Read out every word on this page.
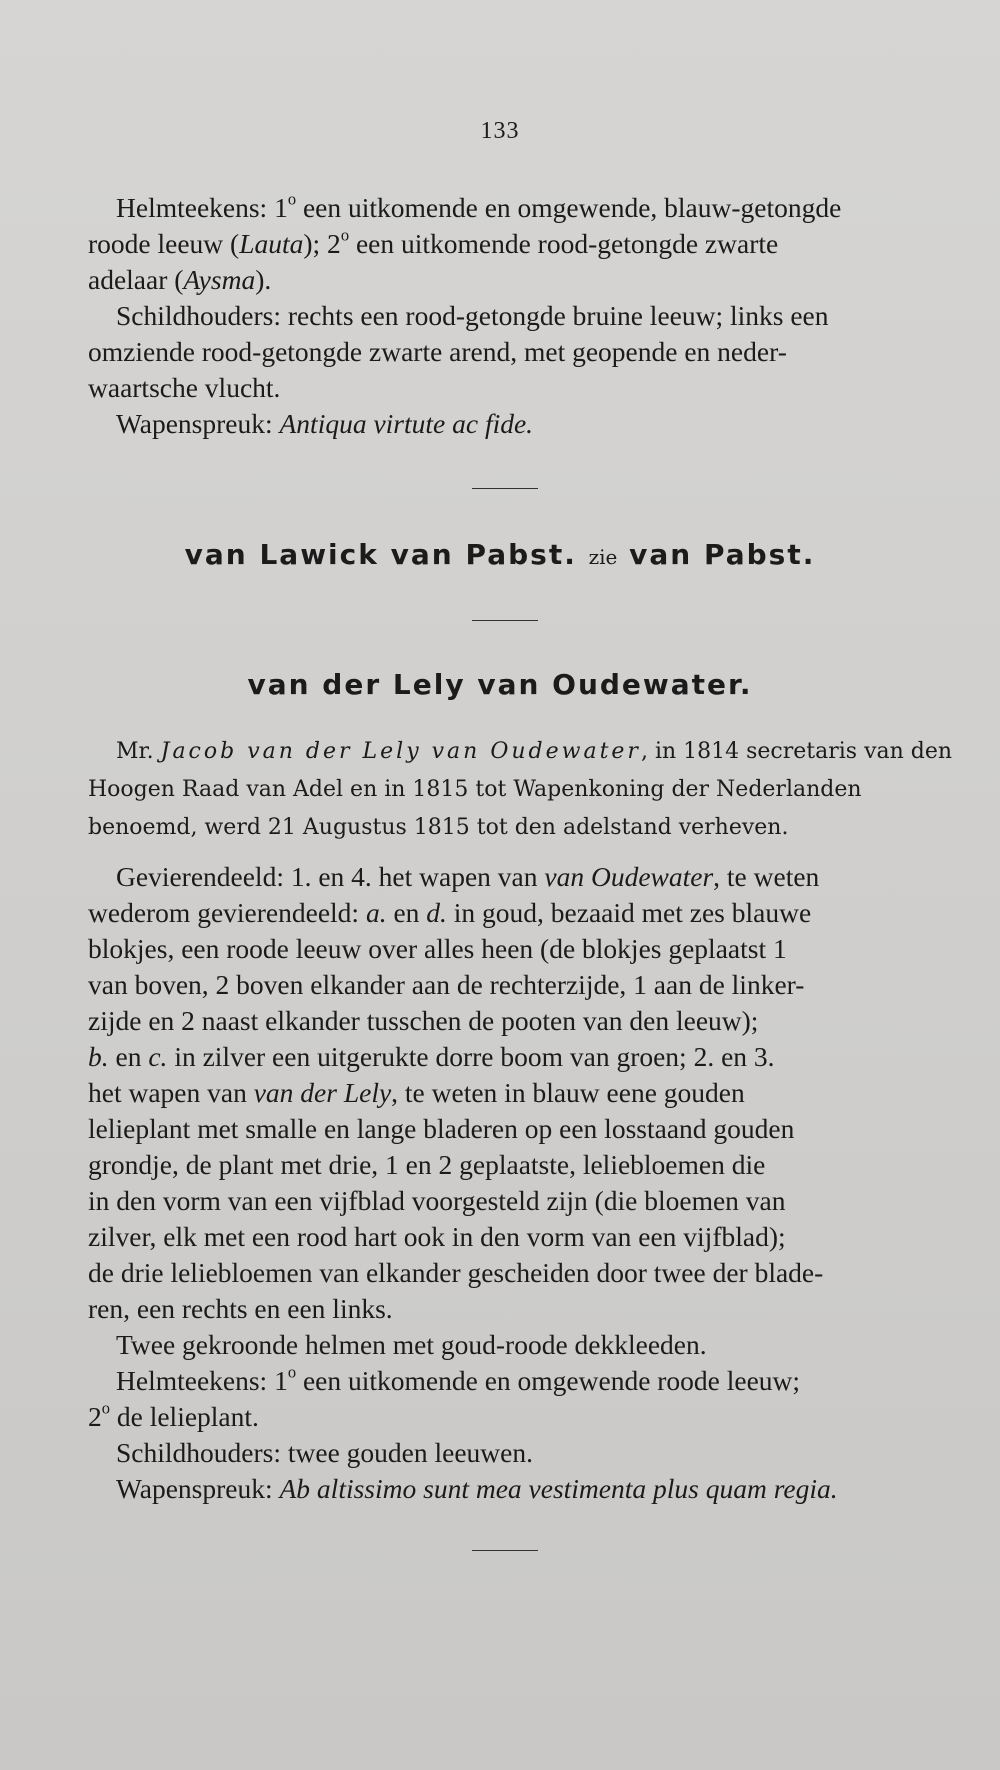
133
Helmteekens: 1$^o$ een uitkomende en omgewende, blauw-getongde
roode leeuw (Lauta); 2$^o$ een uitkomende rood-getongde zwarte
adelaar (Aysma).
Schildhouders: rechts een rood-getongde bruine leeuw; links een
omziende rood-getongde zwarte arend, met geopende en neder-
waartsche vlucht.
Wapenspreuk: Antiqua virtute ac fide.
van Lawick van Pabst. zie van Pabst.
van der Lely van Oudewater.
Mr. Jacob van der Lely van Oudewater, in 1814 secretaris van den
Hoogen Raad van Adel en in 1815 tot Wapenkoning der Nederlanden
benoemd, werd 21 Augustus 1815 tot den adelstand verheven.
Gevierendeeld: 1. en 4. het wapen van van Oudewater, te weten
wederom gevierendeeld: a. en d. in goud, bezaaid met zes blauwe
blokjes, een roode leeuw over alles heen (de blokjes geplaatst 1
van boven, 2 boven elkander aan de rechterzijde, 1 aan de linker-
zijde en 2 naast elkander tusschen de pooten van den leeuw);
b. en c. in zilver een uitgerukte dorre boom van groen; 2. en 3.
het wapen van van der Lely, te weten in blauw eene gouden
lelieplant met smalle en lange bladeren op een losstaand gouden
grondje, de plant met drie, 1 en 2 geplaatste, leliebloemen die
in den vorm van een vijfblad voorgesteld zijn (die bloemen van
zilver, elk met een rood hart ook in den vorm van een vijfblad);
de drie leliebloemen van elkander gescheiden door twee der blade-
ren, een rechts en een links.
Twee gekroonde helmen met goud-roode dekkleeden.
Helmteekens: 1$^o$ een uitkomende en omgewende roode leeuw;
2$^o$ de lelieplant.
Schildhouders: twee gouden leeuwen.
Wapenspreuk: Ab altissimo sunt mea vestimenta plus quam regia.
